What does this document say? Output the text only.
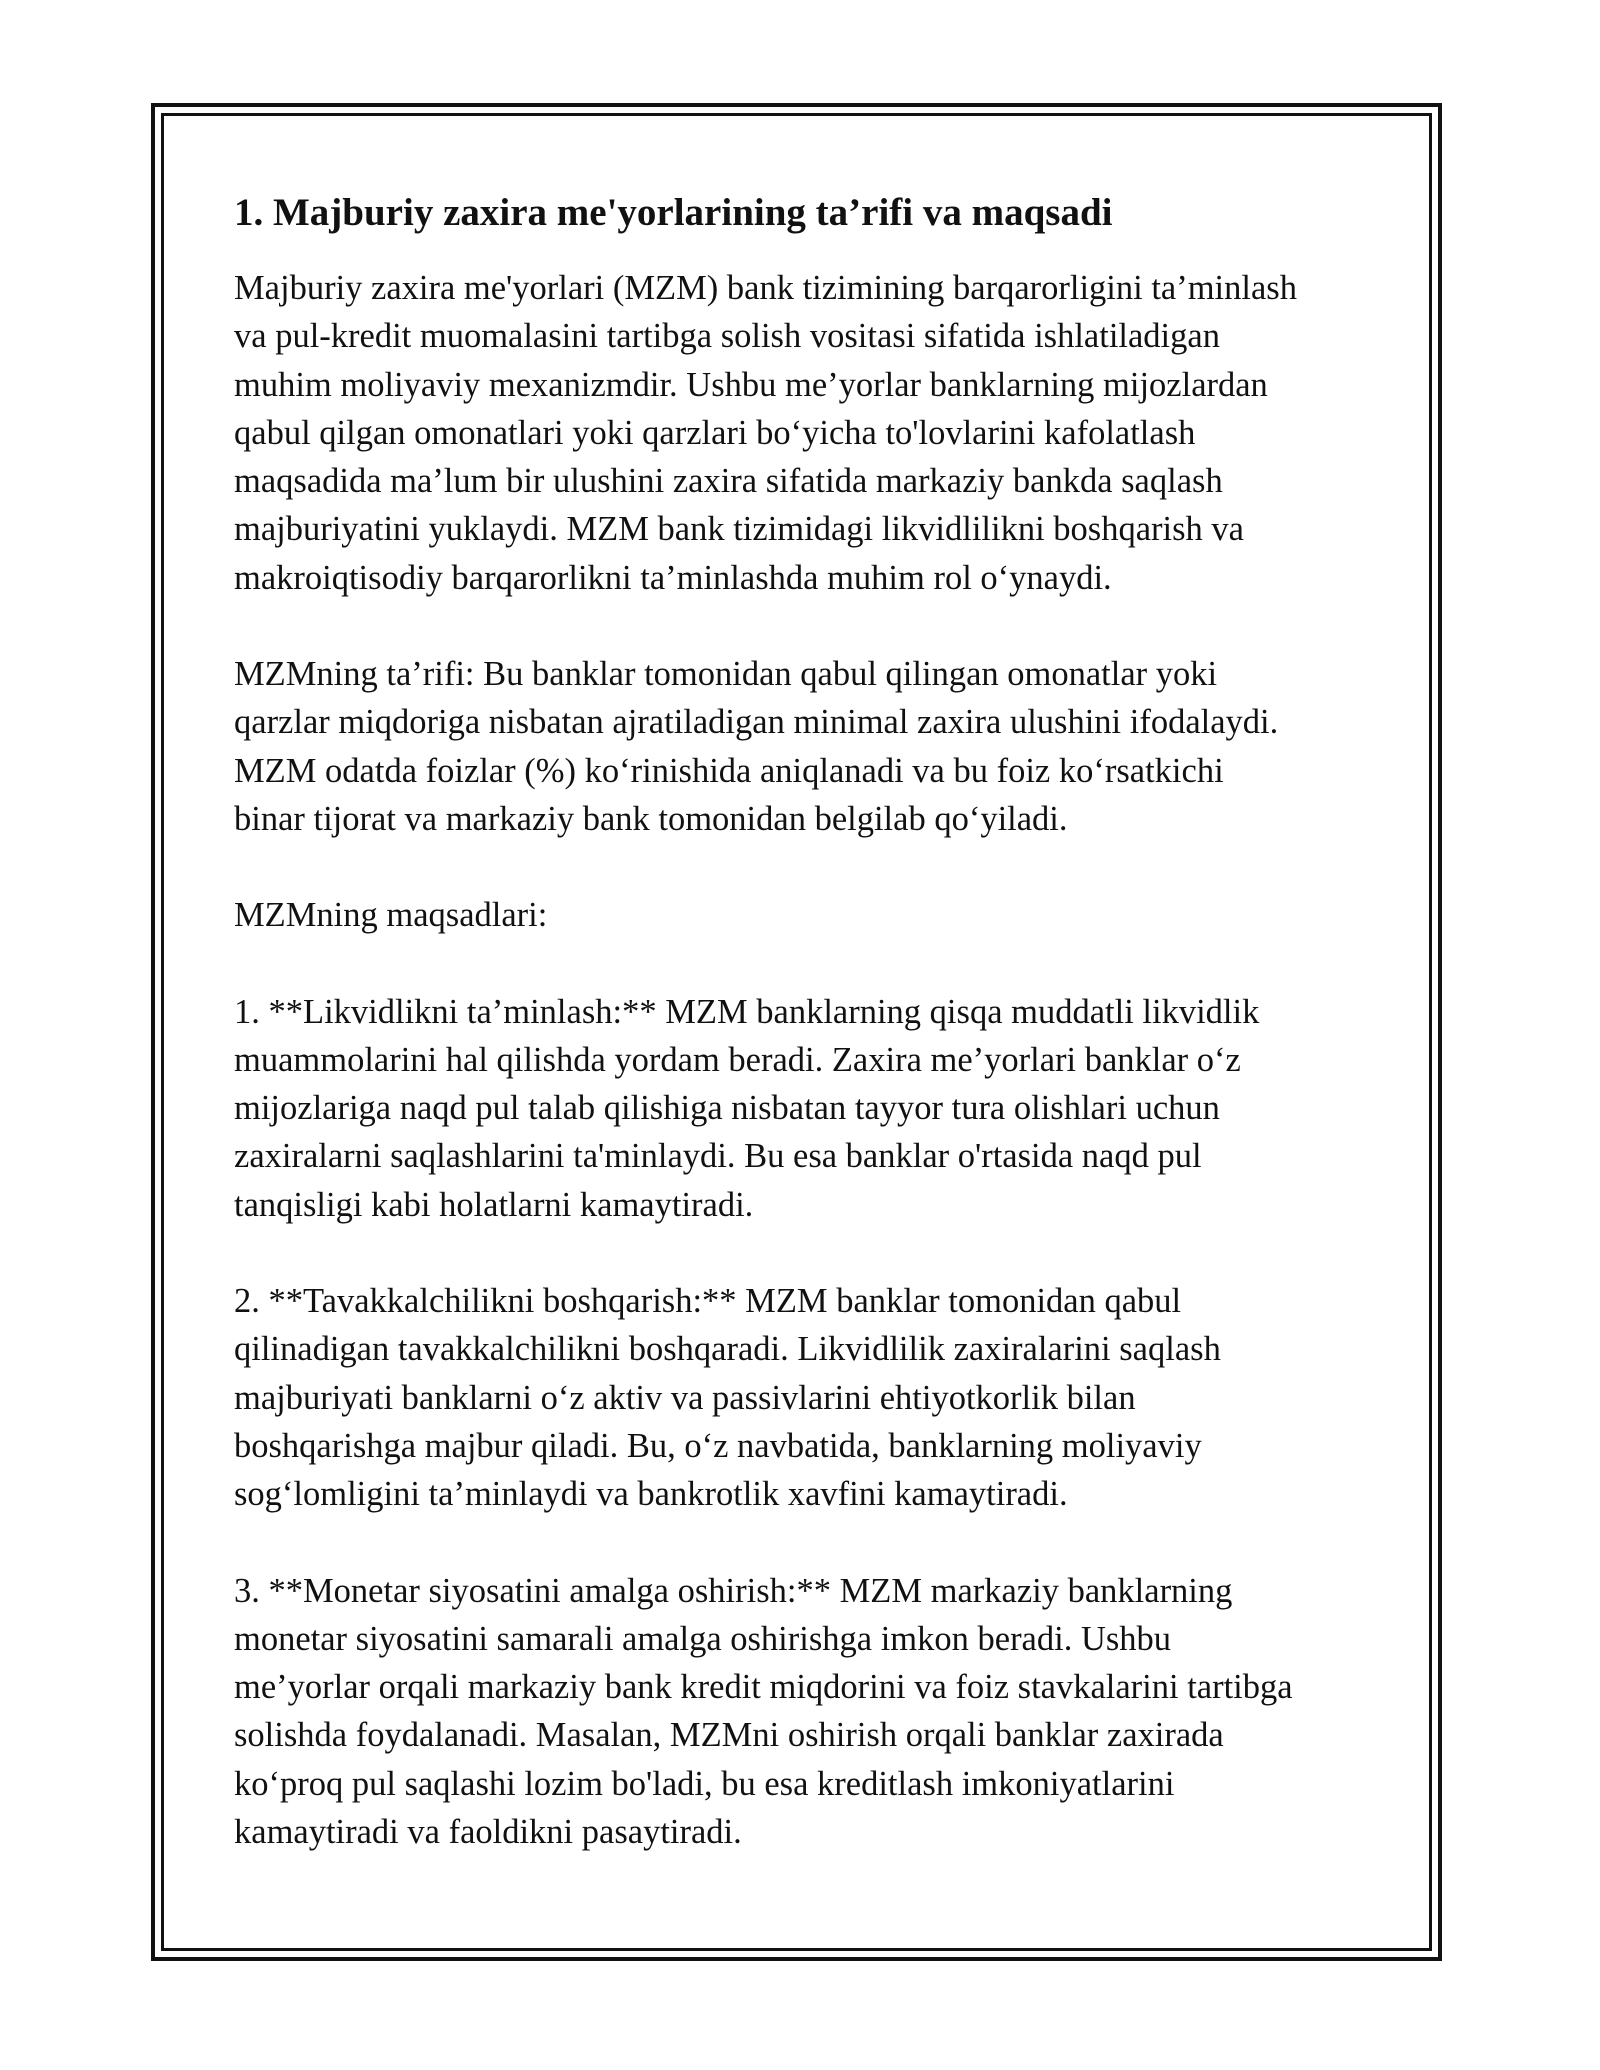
1. Majburiy zaxira me'yorlarining ta’rifi va maqsadi

Majburiy zaxira me'yorlari (MZM) bank tizimining barqarorligini ta’minlash
va pul-kredit muomalasini tartibga solish vositasi sifatida ishlatiladigan
muhim moliyaviy mexanizmdir. Ushbu me’yorlar banklarning mijozlardan
qabul qilgan omonatlari yoki qarzlari bo‘yicha to'lovlarini kafolatlash
maqsadida ma’lum bir ulushini zaxira sifatida markaziy bankda saqlash
majburiyatini yuklaydi. MZM bank tizimidagi likvidlilikni boshqarish va
makroiqtisodiy barqarorlikni ta’minlashda muhim rol o‘ynaydi.

MZMning ta’rifi: Bu banklar tomonidan qabul qilingan omonatlar yoki
qarzlar miqdoriga nisbatan ajratiladigan minimal zaxira ulushini ifodalaydi.
MZM odatda foizlar (%) ko‘rinishida aniqlanadi va bu foiz ko‘rsatkichi
binar tijorat va markaziy bank tomonidan belgilab qo‘yiladi.

MZMning maqsadlari:

1. **Likvidlikni ta’minlash:** MZM banklarning qisqa muddatli likvidlik
muammolarini hal qilishda yordam beradi. Zaxira me’yorlari banklar o‘z
mijozlariga naqd pul talab qilishiga nisbatan tayyor tura olishlari uchun
zaxiralarni saqlashlarini ta'minlaydi. Bu esa banklar o'rtasida naqd pul
tanqisligi kabi holatlarni kamaytiradi.

2. **Tavakkalchilikni boshqarish:** MZM banklar tomonidan qabul
qilinadigan tavakkalchilikni boshqaradi. Likvidlilik zaxiralarini saqlash
majburiyati banklarni o‘z aktiv va passivlarini ehtiyotkorlik bilan
boshqarishga majbur qiladi. Bu, o‘z navbatida, banklarning moliyaviy
sog‘lomligini ta’minlaydi va bankrotlik xavfini kamaytiradi.

3. **Monetar siyosatini amalga oshirish:** MZM markaziy banklarning
monetar siyosatini samarali amalga oshirishga imkon beradi. Ushbu
me’yorlar orqali markaziy bank kredit miqdorini va foiz stavkalarini tartibga
solishda foydalanadi. Masalan, MZMni oshirish orqali banklar zaxirada
ko‘proq pul saqlashi lozim bo'ladi, bu esa kreditlash imkoniyatlarini
kamaytiradi va faoldikni pasaytiradi.
